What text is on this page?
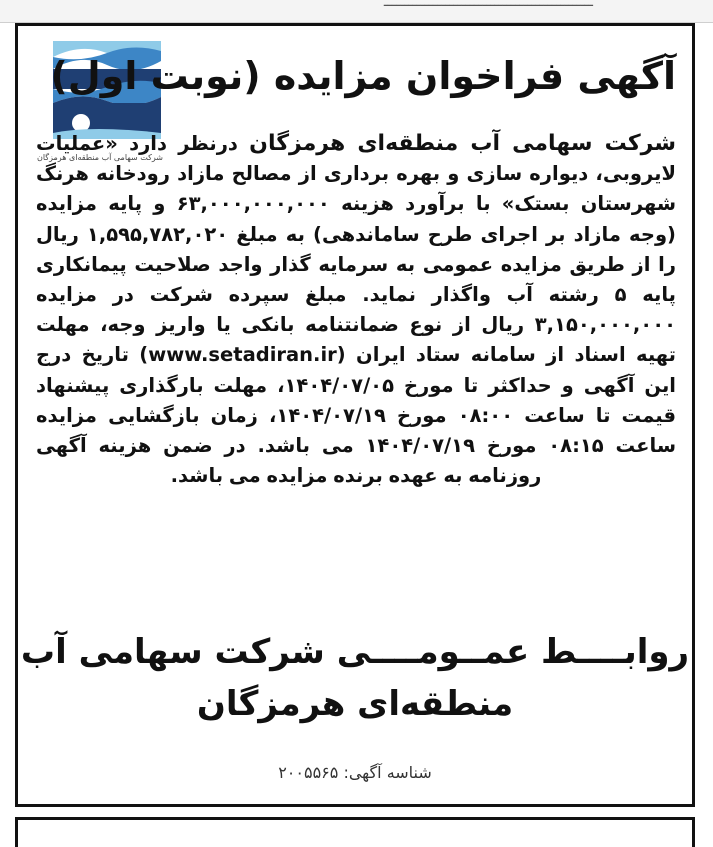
ـــــــــــــــــــــــــــــــــــــــــــــــــــ
شرکت سهامی آب منطقه‌ای هرمزگان
آگهی فراخوان مزایده (نوبت اول)
شرکت سهامی آب منطقه‌ای هرمزگان درنظر دارد «عملیات لایروبی، دیواره سازی و بهره برداری از مصالح مازاد رودخانه هرنگ شهرستان بستک» با برآورد هزینه ۶۳,۰۰۰,۰۰۰,۰۰۰ و پایه مزایده (وجه مازاد بر اجرای طرح ساماندهی) به مبلغ ۱,۵۹۵,۷۸۲,۰۲۰ ریال را از طریق مزایده عمومی به سرمایه گذار واجد صلاحیت پیمانکاری پایه ۵ رشته آب واگذار نماید. مبلغ سپرده شرکت در مزایده ۳,۱۵۰,۰۰۰,۰۰۰ ریال از نوع ضمانتنامه بانکی یا واریز وجه، مهلت تهیه اسناد از سامانه ستاد ایران (www.setadiran.ir) تاریخ درج این آگهی و حداکثر تا مورخ ۱۴۰۴/۰۷/۰۵، مهلت بارگذاری پیشنهاد قیمت تا ساعت ۰۸:۰۰ مورخ ۱۴۰۴/۰۷/۱۹، زمان بازگشایی مزایده ساعت ۰۸:۱۵ مورخ ۱۴۰۴/۰۷/۱۹ می باشد. در ضمن هزینه آگهی روزنامه به عهده برنده مزایده می باشد.
روابــــط عمــومــــی شرکت سهامی آب
منطقه‌ای هرمزگان
شناسه آگهی: ۲۰۰۵۵۶۵
